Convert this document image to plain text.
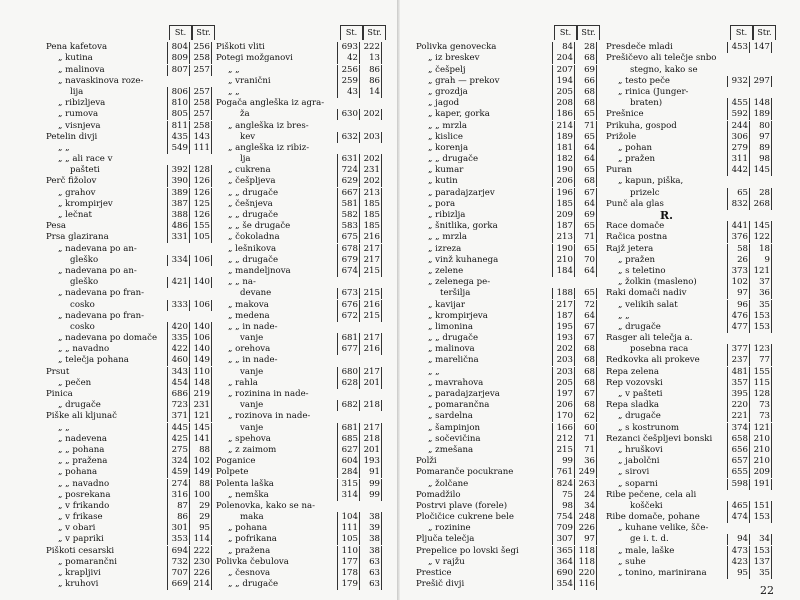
St.	Str.	St.	Str.
Pena kafetova	804 256
„ kutina	809 258
„ malinova	807 257
„ navaskinova roze-
lija	806 257
„ ribizljeva	810 258
„ rumova	805 257
„ visnjeva	811 258
Petelin divji	435 143
„ „	549 111
„ „ ali race v
pašteti	392 128
Perč fižolov	390 126
„ grahov	389 126
„ krompirjev	387 125
„ lečnat	388 126
Pesa	486 155
Prsa glazirana	331 105
„ nadevana po an-
gleško	334 106
„ nadevana po an-
gleško	421 140
„ nadevana po fran-
cosko	333 106
„ nadevana po fran-
cosko	420 140
„ nadevana po domače	335 106
„ „ navadno	422 140
„ telečja pohana	460 149
Prsut	343 110
„ pečen	454 148
Pinica	686 219
„ drugače	723 231
Piške ali kljunač	371 121
„ „	445 145
„ nadevena	425 141
„ „ pohana	275	88
„ „ pražena	324 102
„ pohana	459 149
„ „ navadno	274	88
„ posrekana	316 100
„ v frikando	87	29
„ v frikase	86	29
„ v obari	301	95
„ v papriki	353 114
Piškoti cesarski	694 222
„ pomarančni	732 230
„ krapljivi	707 226
„ kruhovi	669 214
Piškoti vliti	693 222
Potegi možganovi	42	13
„ „	256	86
„ vranični	259	86
„ „	43	14
Pogača angleška iz agra-
ža	630 202
„ angleška iz bres-
kev	632 203
„ angleška iz ribiz-
lja	631 202
„ cukrena	724 231
„ češpljeva	629 202
„ „ drugače	667 213
„ češnjeva	581 185
„ „ drugače	582 185
„ „ še drugače	583 185
„ čokoladna	675 216
„ lešnikova	678 217
„ „ drugače	679 217
„ mandeljnova	674 215
„ „ na-
devane	673 215
„ makova	676 216
„ medena	672 215
„ „ in nade-
vanje	681 217
„ orehova	677 216
„ „ in nade-
vanje	680 217
„ rahla	628 201
„ rozinina in nade-
vanje	682 218
„ rozinova in nade-
vanje	681 217
„ spehova	685 218
„ z zaimom	627 201
Poganice	604 193
Polpete	284	91
Polenta laška	315	99
„ nemška	314	99
Polenovka, kako se na-
maka	104	38
„ pohana	111	39
„ pofrikana	105	38
„ pražena	110	38
Polivka čebulova	177	63
„ česnova	178	63
„ „ drugače	179	63
St.	Str.	St.	Str.
Polivka genovecka	84	28
„ iz breskev	204	68
„ češpelj	207	69
„ grah — prekov	194	66
„ grozdja	205	68
„ jagod	208	68
„ kaper, gorka	186	65
„ „ mrzla	214	71
„ kislice	189	65
„ korenja	181	64
„ „ drugače	182	64
„ kumar	190	65
„ kutin	206	68
„ paradajzarjev	196	67
„ pora	185	64
„ ribizlja	209	69
„ šnitlika, gorka	187	65
„ „ mrzla	213	71
„ izreza	190	65
„ vinž kuhanega	210	70
„ zelene	184	64
„ zelenega pe-
teršilja	188	65
„ kavijar	217	72
„ krompirjeva	187	64
„ limonina	195	67
„ „ drugače	193	67
„ malinova	202	68
„ marelična	203	68
„ „	203	68
„ mavrahova	205	68
„ paradajzarjeva	197	67
„ pomarančna	206	68
„ sardelna	170	62
„ šampinjon	166	60
„ sočevičina	212	71
„ zmešana	215	71
Polži	99	36
Pomaranče pocukrane	761 249
„ žolčane	824 263
Pomadžilo	75	24
Postrvi plave (forele)	98	34
Pločičice cukrene bele	754 248
„ rozinine	709 226
Pljuča telečja	307	97
Prepelice po lovski šegi	365 118
„ v rajžu	364 118
Prestice	690 220
Prešič divji	354 116
Presdeče mladi	453 147
Prešičevo ali telečje snbo
stegno, kako se
„ testo peče	932 297
„ rinica (Junger-
braten)	455 148
Prešnice	592 189
Prikuha, gospod	244	80
Prižole	306	97
„ pohan	279	89
„ pražen	311	98
Puran	442 145
„ kapun, piška,
prizelc	65	28
Punč ala glas	832 268
R.
Race domače	441 145
Račica postna	376 122
Rajž jetera	58	18
„ pražen	26	9
„ s teletino	373 121
„ žolkin (masleno)	102	37
Raki domači nadiv	97	36
„ velikih salat	96	35
„ „	476 153
„ drugače	477 153
Rasger ali telečja a.
posebna raca	377 123
Redkovka ali prokeve	237	77
Repa zelena	481 155
Rep vozovski	357 115
„ v pašteti	395 128
Repa sladka	220	73
„ drugače	221	73
„ s kostrunom	374 121
Rezanci češpljevi bonski	658 210
„ hruškovi	656 210
„ jabolčni	657 210
„ sirovi	655 209
„ soparni	598 191
Ribe pečene, cela ali
koščeki	465 151
Ribe domače, pohane	474 153
„ kuhane velike, šče-
ge i. t. d.	94	34
„ male, laške	473 153
„ suhe	423 137
„ tonino, marinirana	95	35
22
